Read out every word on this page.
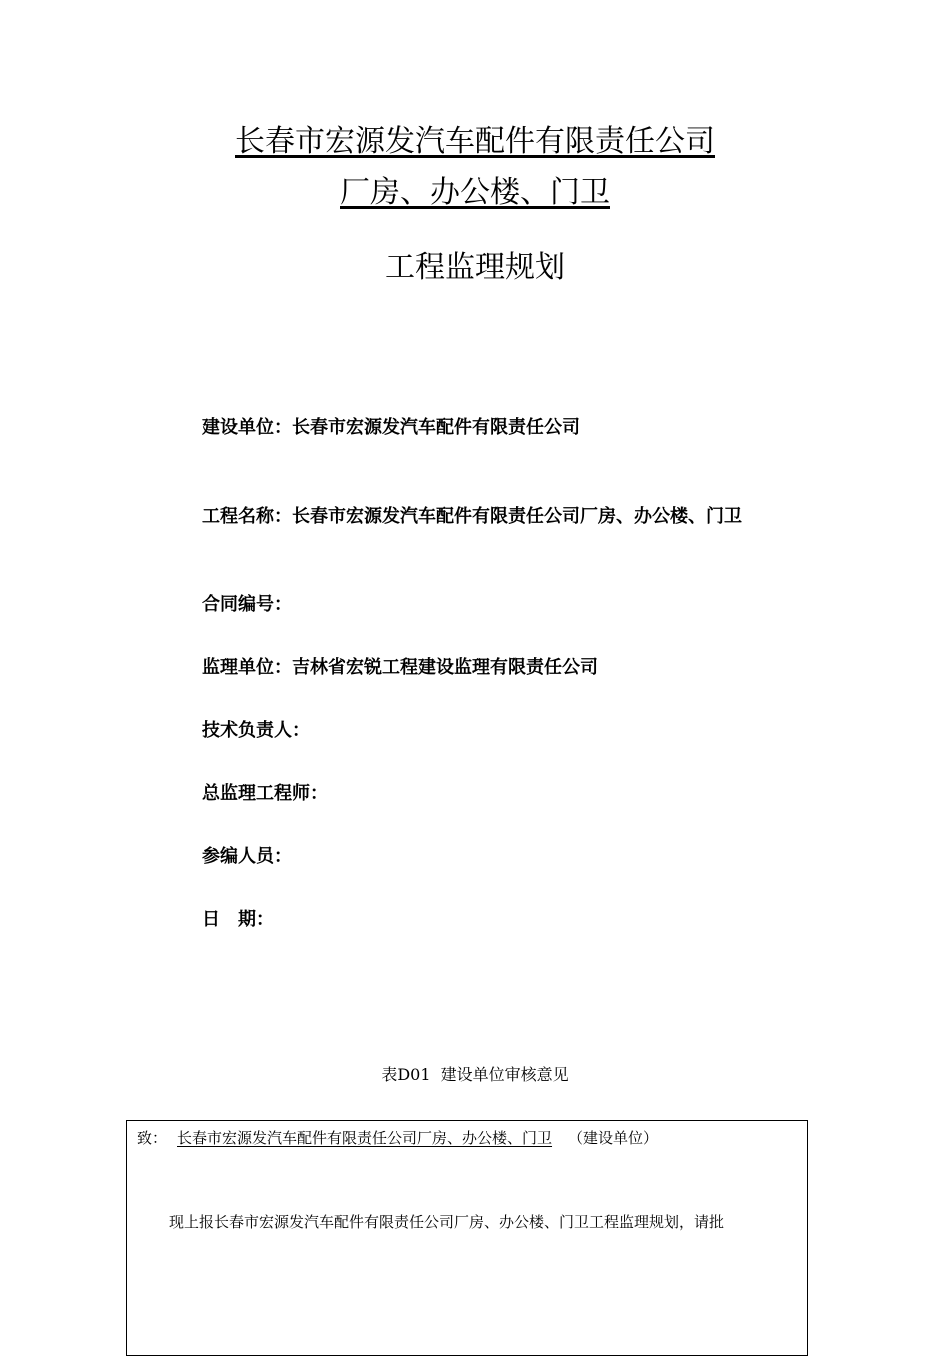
长春市宏源发汽车配件有限责任公司
厂房、办公楼、门卫
工程监理规划
建设单位：长春市宏源发汽车配件有限责任公司
工程名称：长春市宏源发汽车配件有限责任公司厂房、办公楼、门卫
合同编号：
监理单位：吉林省宏锐工程建设监理有限责任公司
技术负责人：
总监理工程师：
参编人员：
日　期：
表D01  建设单位审核意见
致： 长春市宏源发汽车配件有限责任公司厂房、办公楼、门卫 （建设单位）
现上报长春市宏源发汽车配件有限责任公司厂房、办公楼、门卫工程监理规划，请批
